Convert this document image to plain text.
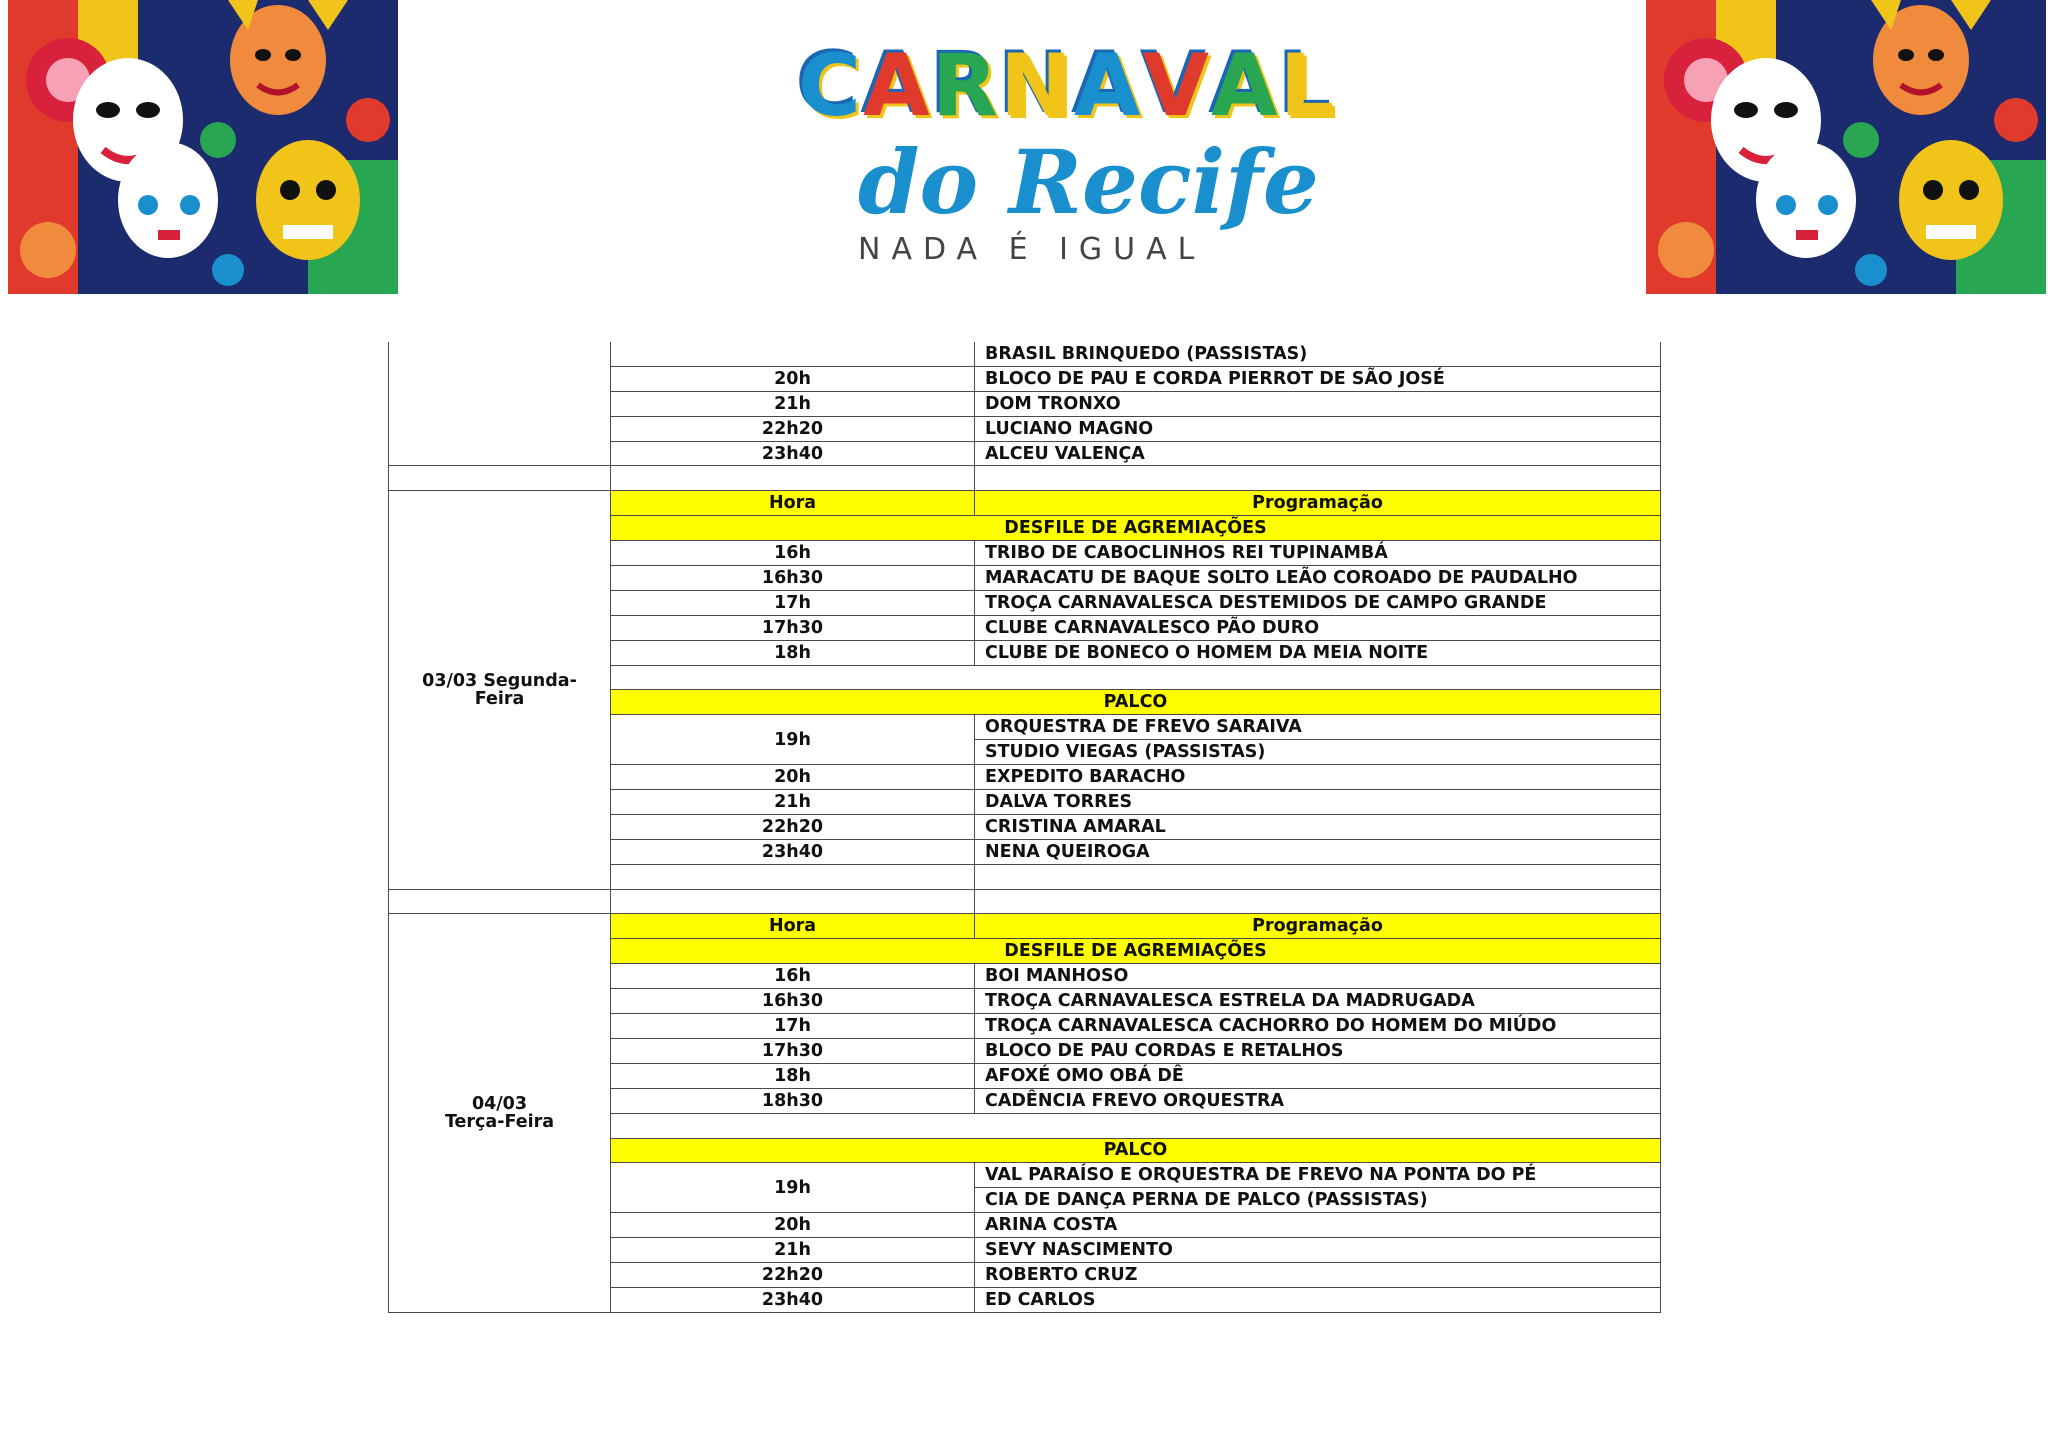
CARNAVAL
do Recife
NADA É IGUAL
		BRASIL BRINQUEDO (PASSISTAS)
	20h	BLOCO DE PAU E CORDA PIERROT DE SÃO JOSÉ
	21h	DOM TRONXO
	22h20	LUCIANO MAGNO
	23h40	ALCEU VALENÇA

03/03 Segunda-Feira	Hora	Programação
	DESFILE DE AGREMIAÇÕES	
	16h	TRIBO DE CABOCLINHOS REI TUPINAMBÁ
	16h30	MARACATU DE BAQUE SOLTO LEÃO COROADO DE PAUDALHO
	17h	TROÇA CARNAVALESCA DESTEMIDOS DE CAMPO GRANDE
	17h30	CLUBE CARNAVALESCO PÃO DURO
	18h	CLUBE DE BONECO O HOMEM DA MEIA NOITE

	PALCO	
	19h	ORQUESTRA DE FREVO SARAIVA
		STUDIO VIEGAS (PASSISTAS)
	20h	EXPEDITO BARACHO
	21h	DALVA TORRES
	22h20	CRISTINA AMARAL
	23h40	NENA QUEIROGA

04/03
Terça-Feira	Hora	Programação
	DESFILE DE AGREMIAÇÕES	
	16h	BOI MANHOSO
	16h30	TROÇA CARNAVALESCA ESTRELA DA MADRUGADA
	17h	TROÇA CARNAVALESCA CACHORRO DO HOMEM DO MIÚDO
	17h30	BLOCO DE PAU CORDAS E RETALHOS
	18h	AFOXÉ OMO OBÁ DÊ
	18h30	CADÊNCIA FREVO ORQUESTRA

	PALCO	
	19h	VAL PARAÍSO E ORQUESTRA DE FREVO NA PONTA DO PÉ
		CIA DE DANÇA PERNA DE PALCO (PASSISTAS)
	20h	ARINA COSTA
	21h	SEVY NASCIMENTO
	22h20	ROBERTO CRUZ
	23h40	ED CARLOS
